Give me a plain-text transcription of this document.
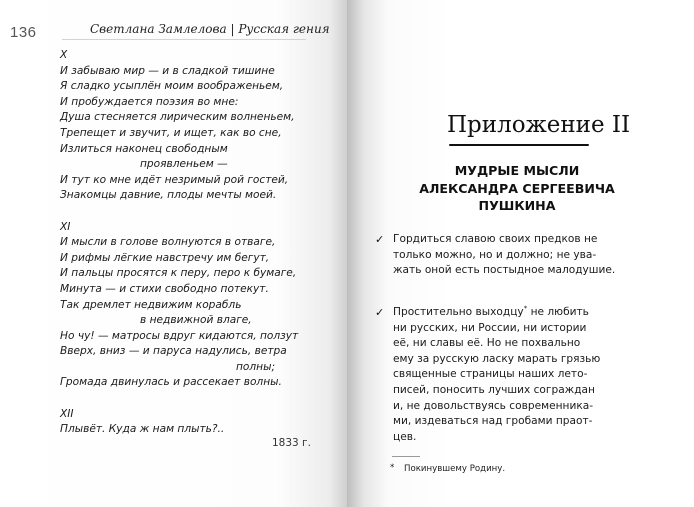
136	Светлана Замлелова | Русская гения
X
И забываю мир — и в сладкой тишине
Я сладко усыплён моим воображеньем,
И пробуждается поэзия во мне:
Душа стесняется лирическим волненьем,
Трепещет и звучит, и ищет, как во сне,
Излиться наконец свободным
проявленьем —
И тут ко мне идёт незримый рой гостей,
Знакомцы давние, плоды мечты моей.
XI
И мысли в голове волнуются в отваге,
И рифмы лёгкие навстречу им бегут,
И пальцы просятся к перу, перо к бумаге,
Минута — и стихи свободно потекут.
Так дремлет недвижим корабль
в недвижной влаге,
Но чу! — матросы вдруг кидаются, ползут
Вверх, вниз — и паруса надулись, ветра
полны;
Громада двинулась и рассекает волны.
XII
Плывёт. Куда ж нам плыть?..
1833 г.
Приложение II
МУДРЫЕ МЫСЛИ
АЛЕКСАНДРА СЕРГЕЕВИЧА
ПУШКИНА
✓ Гордиться славою своих предков не
только можно, но и должно; не ува-
жать оной есть постыдное малодушие.
✓ Простительно выходцу* не любить
ни русских, ни России, ни истории
её, ни славы её. Но не похвально
ему за русскую ласку марать грязью
священные страницы наших лето-
писей, поносить лучших сограждан
и, не довольствуясь современника-
ми, издеваться над гробами праот-
цев.
* Покинувшему Родину.
